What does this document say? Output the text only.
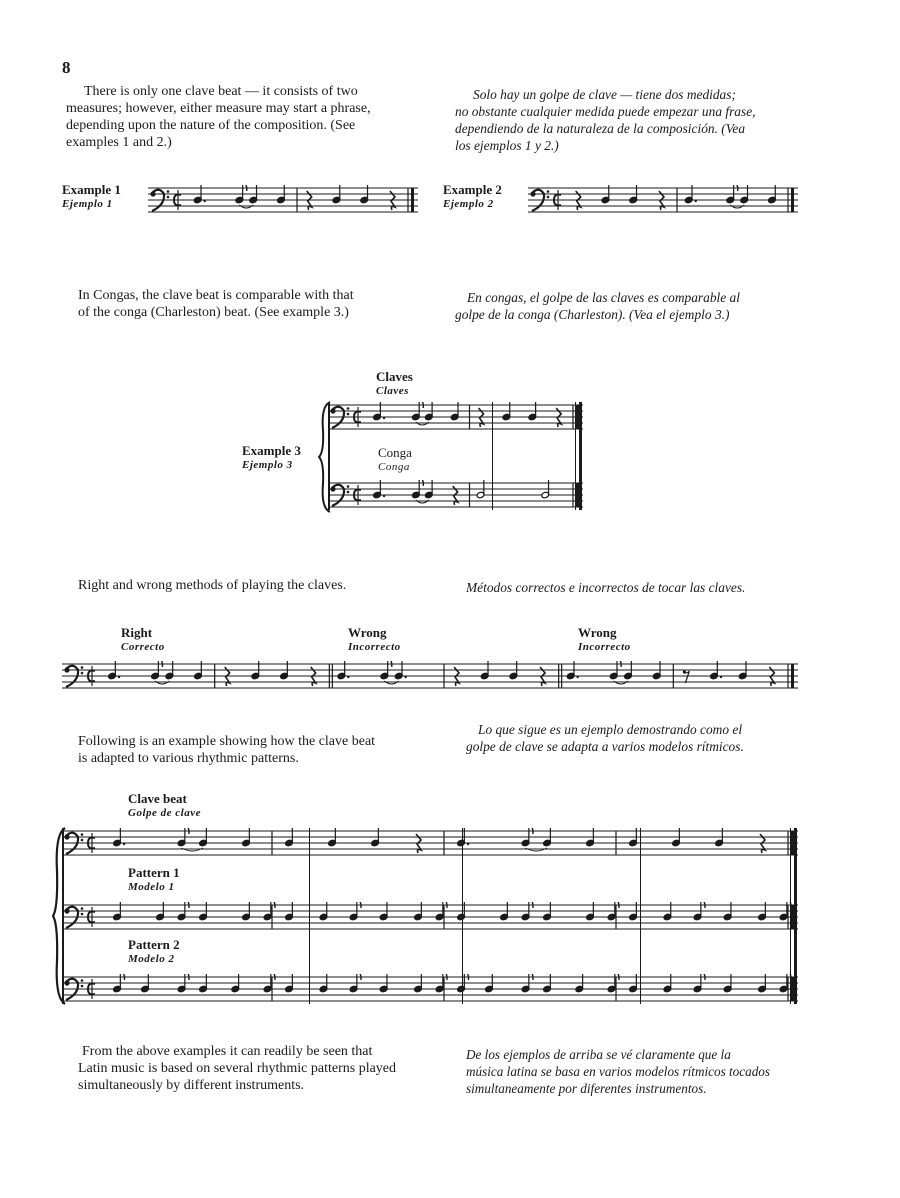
8
There is only one clave beat — it consists of two
measures; however, either measure may start a phrase,
depending upon the nature of the composition. (See
examples 1 and 2.)
Solo hay un golpe de clave — tiene dos medidas;
no obstante cualquier medida puede empezar una frase,
dependiendo de la naturaleza de la composición. (Vea
los ejemplos 1 y 2.)
Example 1
Ejemplo 1
Example 2
Ejemplo 2
In Congas, the clave beat is comparable with that
of the conga (Charleston) beat. (See example 3.)
En congas, el golpe de las claves es comparable al
golpe de la conga (Charleston). (Vea el ejemplo 3.)
Claves
Claves
Example 3
Ejemplo 3
Conga
Conga
Right and wrong methods of playing the claves.	Métodos correctos e incorrectos de tocar las claves.
Right
Correcto
Wrong
Incorrecto
Wrong
Incorrecto
Following is an example showing how the clave beat
is adapted to various rhythmic patterns.
Lo que sigue es un ejemplo demostrando como el
golpe de clave se adapta a varios modelos rítmicos.
Clave beat
Golpe de clave
Pattern 1
Modelo 1
Pattern 2
Modelo 2
From the above examples it can readily be seen that
Latin music is based on several rhythmic patterns played
simultaneously by different instruments.
De los ejemplos de arriba se vé claramente que la
música latina se basa en varios modelos rítmicos tocados
simultaneamente por diferentes instrumentos.
